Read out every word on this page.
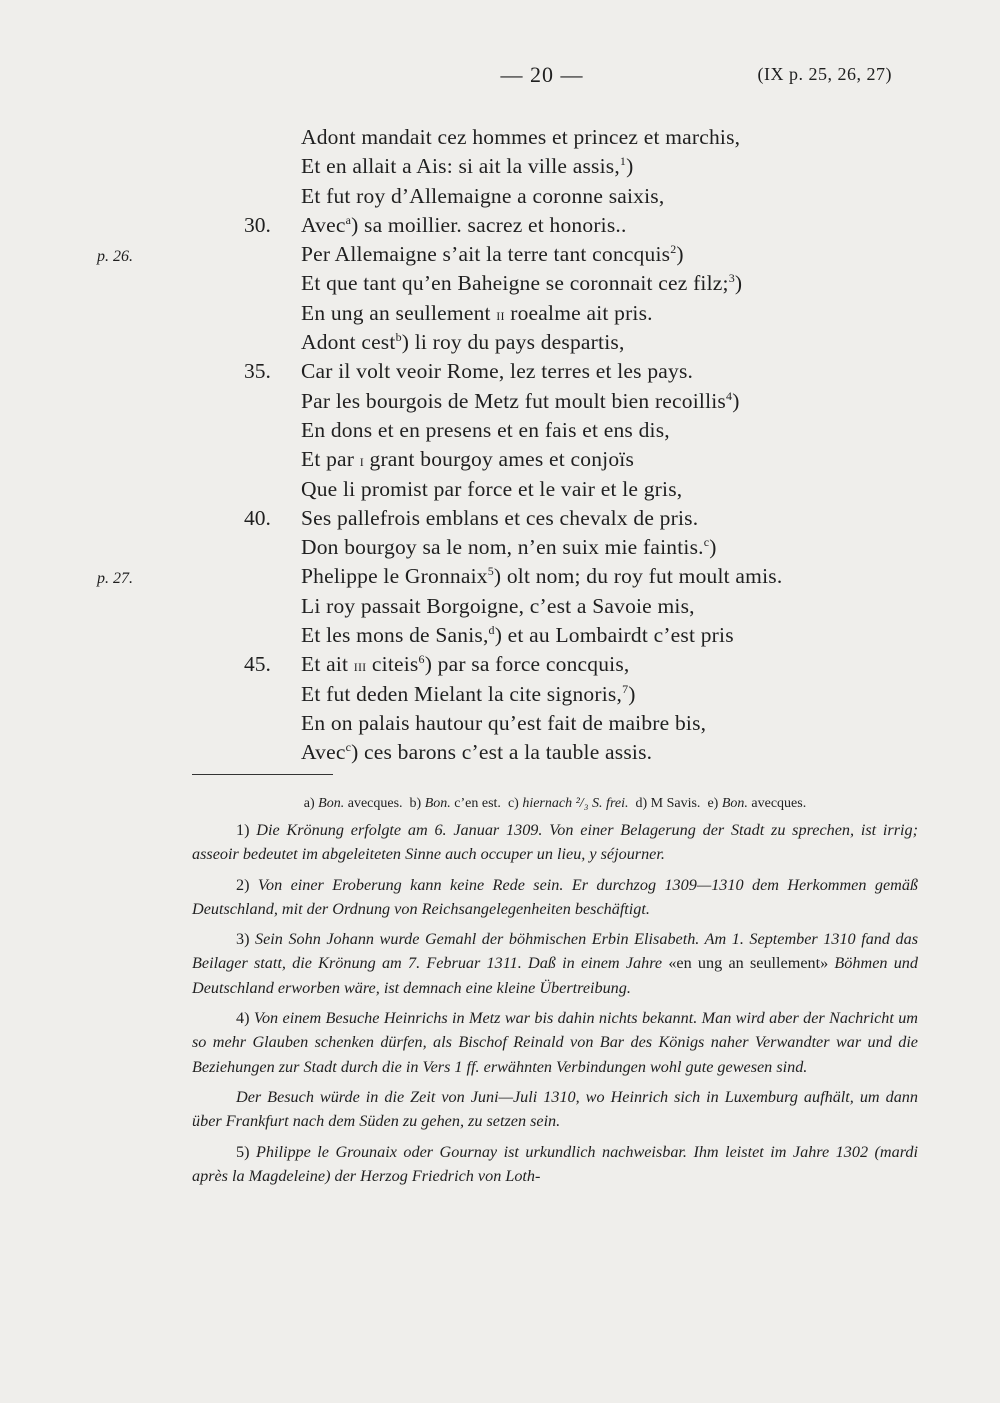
— 20 —	(IX p. 25, 26, 27)
Adont mandait cez hommes et princez et marchis,
Et en allait a Ais: si ait la ville assis,$^1$)
Et fut roy d’Allemaigne a coronne saixis,
30.	Avec$^a$) sa moillier. sacrez et honoris..
p. 26.	Per Allemaigne s’ait la terre tant concquis$^2$)
Et que tant qu’en Baheigne se coronnait cez filz;$^3$)
En ung an seullement ii roealme ait pris.
Adont cest$^b$) li roy du pays despartis,
35.	Car il volt veoir Rome, lez terres et les pays.
Par les bourgois de Metz fut moult bien recoillis$^4$)
En dons et en presens et en fais et ens dis,
Et par i grant bourgoy ames et conjoïs
Que li promist par force et le vair et le gris,
40.	Ses pallefrois emblans et ces chevalx de pris.
Don bourgoy sa le nom, n’en suix mie faintis.$^c$)
p. 27.	Phelippe le Gronnaix$^5$) olt nom; du roy fut moult amis.
Li roy passait Borgoigne, c’est a Savoie mis,
Et les mons de Sanis,$^d$) et au Lombairdt c’est pris
45.	Et ait iii citeis$^6$) par sa force concquis,
Et fut deden Mielant la cite signoris,$^7$)
En on palais hautour qu’est fait de maibre bis,
Avec$^c$) ces barons c’est a la tauble assis.
a) Bon. avecques. b) Bon. c’en est. c) hiernach ²/₃ S. frei. d) M Savis. e) Bon. avecques.

1) Die Krönung erfolgte am 6. Januar 1309. Von einer Belagerung der Stadt zu sprechen, ist irrig; asseoir bedeutet im abgeleiteten Sinne auch occuper un lieu, y séjourner.

2) Von einer Eroberung kann keine Rede sein. Er durchzog 1309—1310 dem Herkommen gemäß Deutschland, mit der Ordnung von Reichsangelegenheiten beschäftigt.

3) Sein Sohn Johann wurde Gemahl der böhmischen Erbin Elisabeth. Am 1. September 1310 fand das Beilager statt, die Krönung am 7. Februar 1311. Daß in einem Jahre «en ung an seullement» Böhmen und Deutschland erworben wäre, ist demnach eine kleine Übertreibung.

4) Von einem Besuche Heinrichs in Metz war bis dahin nichts bekannt. Man wird aber der Nachricht um so mehr Glauben schenken dürfen, als Bischof Reinald von Bar des Königs naher Verwandter war und die Beziehungen zur Stadt durch die in Vers 1 ff. erwähnten Verbindungen wohl gute gewesen sind.

Der Besuch würde in die Zeit von Juni—Juli 1310, wo Heinrich sich in Luxemburg aufhält, um dann über Frankfurt nach dem Süden zu gehen, zu setzen sein.

5) Philippe le Grounaix oder Gournay ist urkundlich nachweisbar. Ihm leistet im Jahre 1302 (mardi après la Magdeleine) der Herzog Friedrich von Loth-
